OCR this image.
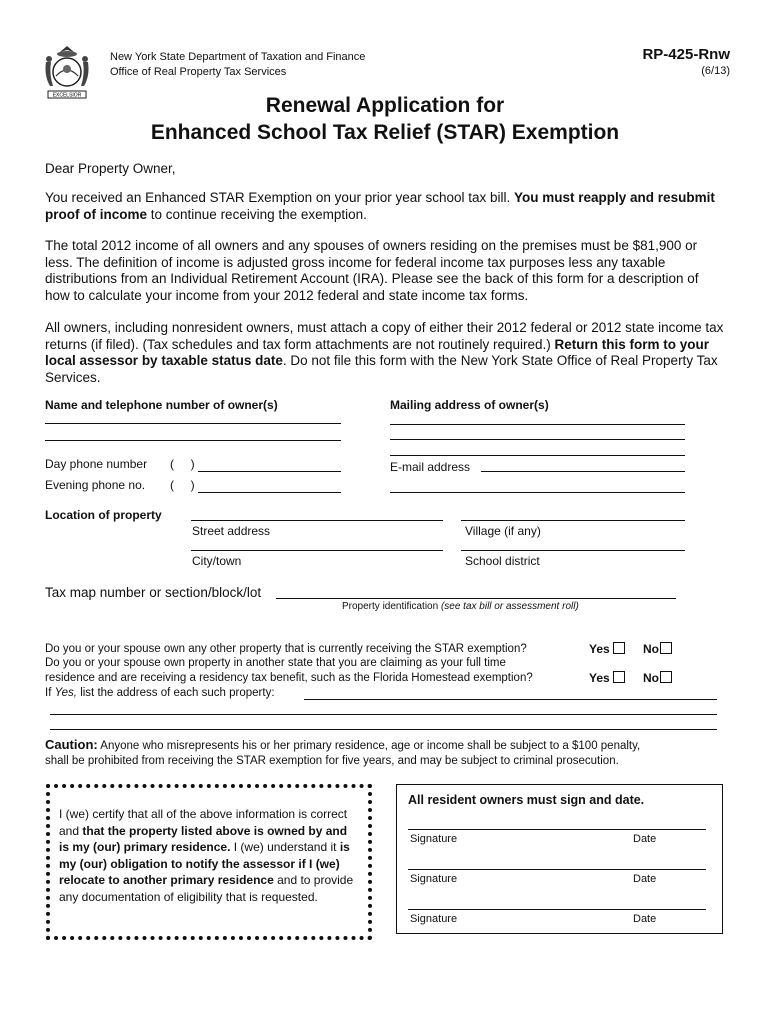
EXCELSIOR
New York State Department of Taxation and Finance
Office of Real Property Tax Services
RP-425-Rnw
(6/13)
Renewal Application for
Enhanced School Tax Relief (STAR) Exemption
Dear Property Owner,
You received an Enhanced STAR Exemption on your prior year school tax bill. You must reapply and resubmit proof of income to continue receiving the exemption.
The total 2012 income of all owners and any spouses of owners residing on the premises must be $81,900 or less. The definition of income is adjusted gross income for federal income tax purposes less any taxable distributions from an Individual Retirement Account (IRA). Please see the back of this form for a description of how to calculate your income from your 2012 federal and state income tax forms.
All owners, including nonresident owners, must attach a copy of either their 2012 federal or 2012 state income tax returns (if filed). (Tax schedules and tax form attachments are not routinely required.) Return this form to your local assessor by taxable status date. Do not file this form with the New York State Office of Real Property Tax Services.
Name and telephone number of owner(s)	Mailing address of owner(s)
Day phone number (     )
Evening phone no. (     )
E-mail address
Location of property
Street address	Village (if any)
City/town	School district
Tax map number or section/block/lot
Property identification (see tax bill or assessment roll)
Do you or your spouse own any other property that is currently receiving the STAR exemption?	Yes	No
Do you or your spouse own property in another state that you are claiming as your full time
residence and are receiving a residency tax benefit, such as the Florida Homestead exemption?	Yes	No
If Yes, list the address of each such property:
Caution: Anyone who misrepresents his or her primary residence, age or income shall be subject to a $100 penalty,
shall be prohibited from receiving the STAR exemption for five years, and may be subject to criminal prosecution.
I (we) certify that all of the above information is correct and that the property listed above is owned by and is my (our) primary residence. I (we) understand it is my (our) obligation to notify the assessor if I (we) relocate to another primary residence and to provide any documentation of eligibility that is requested.
All resident owners must sign and date.
Signature	Date
Signature	Date
Signature	Date
